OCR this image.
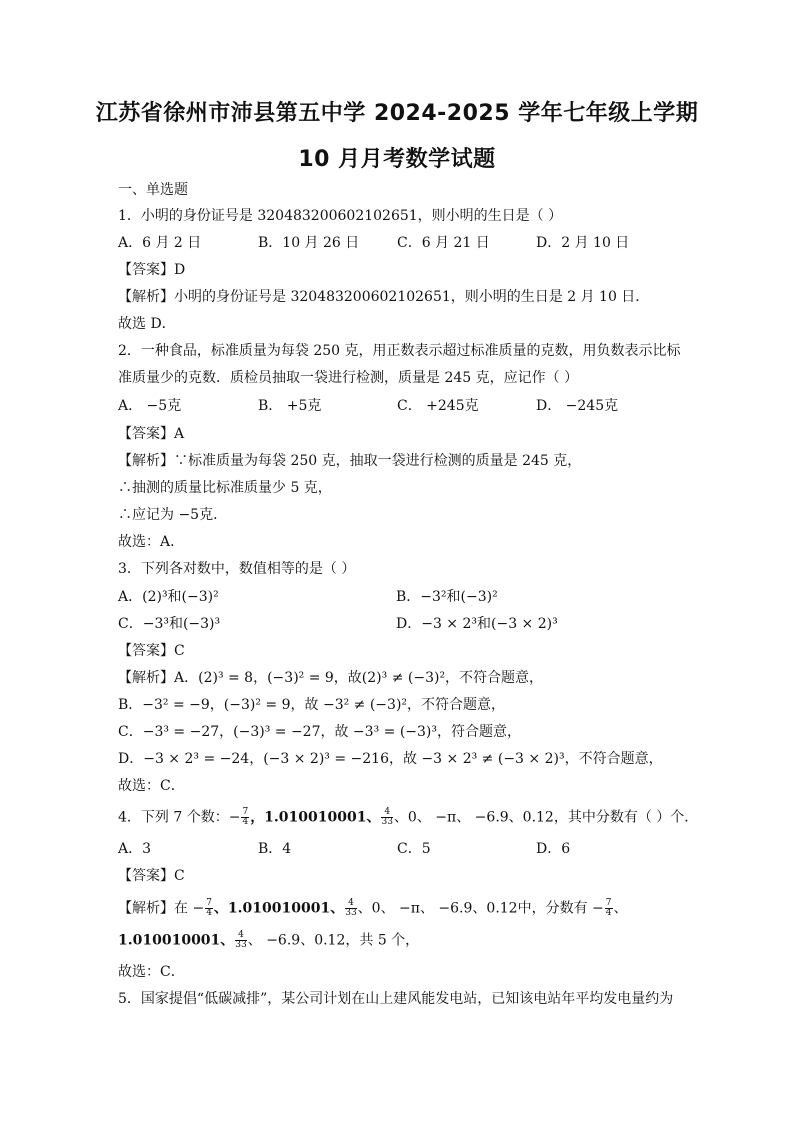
江苏省徐州市沛县第五中学 2024-2025 学年七年级上学期
10 月月考数学试题
一、单选题
1．小明的身份证号是 320483200602102651，则小明的生日是（ ）
A．6 月 2 日	B．10 月 26 日	C．6 月 21 日	D．2 月 10 日
【答案】D
【解析】小明的身份证号是 320483200602102651，则小明的生日是 2 月 10 日．
故选 D．
2．一种食品，标准质量为每袋 250 克，用正数表示超过标准质量的克数，用负数表示比标
准质量少的克数．质检员抽取一袋进行检测，质量是 245 克，应记作（ ）
A． −5克	B． +5克	C． +245克	D． −245克
【答案】A
【解析】∵标准质量为每袋 250 克，抽取一袋进行检测的质量是 245 克，
∴抽测的质量比标准质量少 5 克，
∴应记为 −5克．
故选：A．
3．下列各对数中，数值相等的是（ ）
A．(2)³和(−3)²	B．−3²和(−3)²
C．−3³和(−3)³	D．−3 × 2³和(−3 × 2)³
【答案】C
【解析】A．(2)³ = 8，(−3)² = 9，故(2)³ ≠ (−3)²，不符合题意，
B．−3² = −9，(−3)² = 9，故 −3² ≠ (−3)²，不符合题意，
C．−3³ = −27，(−3)³ = −27，故 −3³ = (−3)³，符合题意，
D．−3 × 2³ = −24，(−3 × 2)³ = −216，故 −3 × 2³ ≠ (−3 × 2)³，不符合题意，
故选：C．
4．下列 7 个数：− $\frac{7}{4}$ ，1.010010001、 $\frac{4}{33}$ 、0、 −π、 −6.9、0.12，其中分数有（ ）个．
A．3	B．4	C．5	D．6
【答案】C
【解析】在 − $\frac{7}{4}$ 、1.010010001、 $\frac{4}{33}$ 、0、 −π、 −6.9、0.12中，分数有 − $\frac{7}{4}$ 、
1.010010001、 $\frac{4}{33}$ 、 −6.9、0.12，共 5 个，
故选：C．
5．国家提倡“低碳减排”，某公司计划在山上建风能发电站，已知该电站年平均发电量约为
